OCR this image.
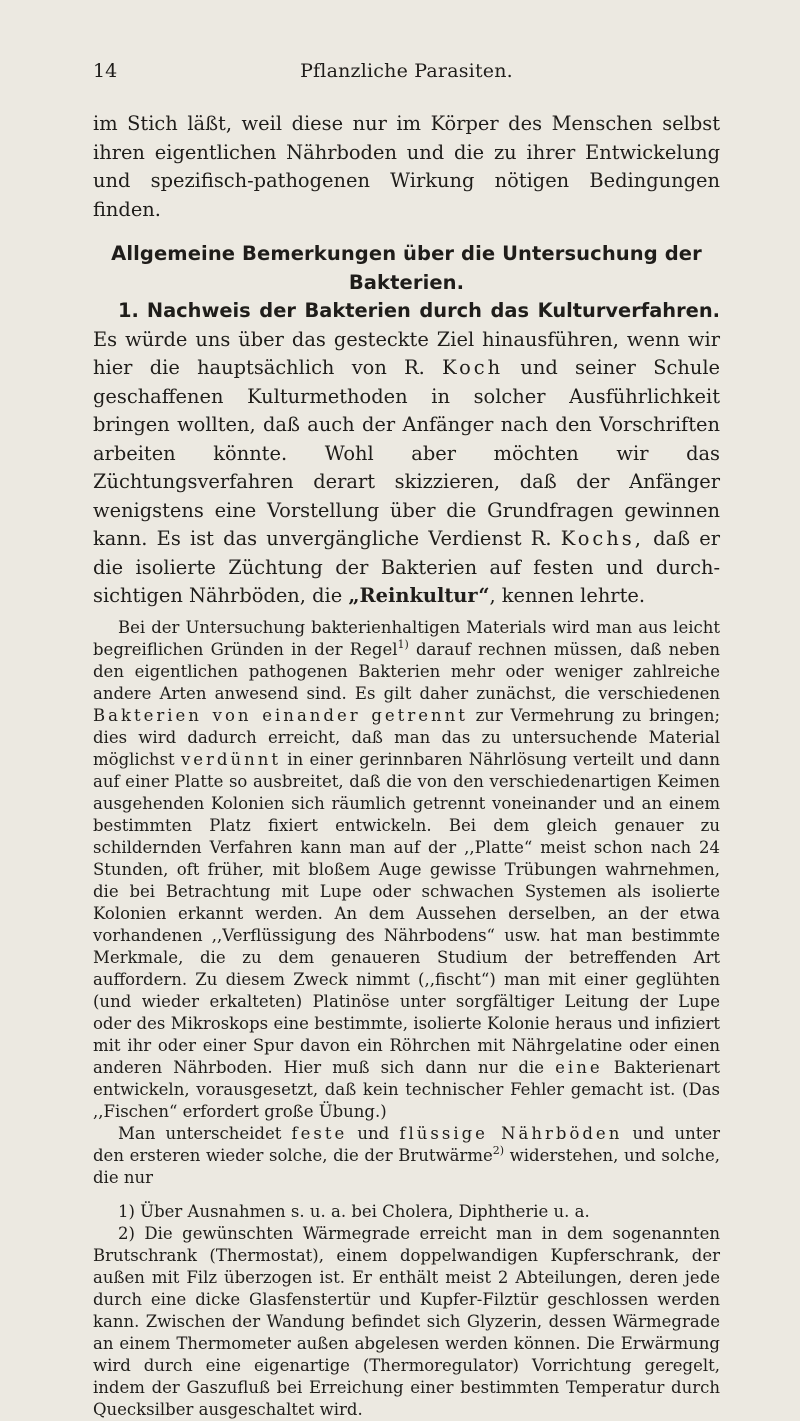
14	Pflanzliche Parasiten.

im Stich läßt, weil diese nur im Körper des Menschen selbst ihren eigentlichen Nährboden und die zu ihrer Entwickelung und spezifisch-pathogenen Wirkung nötigen Bedingungen finden.

Allgemeine Bemerkungen über die Untersuchung der Bakterien.

1. Nachweis der Bakterien durch das Kulturverfahren. Es würde uns über das gesteckte Ziel hinausführen, wenn wir hier die hauptsächlich von R. Koch und seiner Schule geschaffenen Kulturmethoden in solcher Ausführlichkeit bringen wollten, daß auch der Anfänger nach den Vorschriften arbeiten könnte. Wohl aber möchten wir das Züchtungsverfahren derart skizzieren, daß der Anfänger wenigstens eine Vorstellung über die Grundfragen gewinnen kann. Es ist das unvergängliche Verdienst R. Kochs, daß er die isolierte Züchtung der Bakterien auf festen und durchsichtigen Nährböden, die „Reinkultur“, kennen lehrte.

Bei der Untersuchung bakterienhaltigen Materials wird man aus leicht begreiflichen Gründen in der Regel$^{1)}$ darauf rechnen müssen, daß neben den eigentlichen pathogenen Bakterien mehr oder weniger zahlreiche andere Arten anwesend sind. Es gilt daher zunächst, die verschiedenen Bakterien von einander getrennt zur Vermehrung zu bringen; dies wird dadurch erreicht, daß man das zu untersuchende Material möglichst verdünnt in einer gerinnbaren Nährlösung verteilt und dann auf einer Platte so ausbreitet, daß die von den verschiedenartigen Keimen ausgehenden Kolonien sich räumlich getrennt voneinander und an einem bestimmten Platz fixiert entwickeln. Bei dem gleich genauer zu schildernden Verfahren kann man auf der ,,Platte“ meist schon nach 24 Stunden, oft früher, mit bloßem Auge gewisse Trübungen wahrnehmen, die bei Betrachtung mit Lupe oder schwachen Systemen als isolierte Kolonien erkannt werden. An dem Aussehen derselben, an der etwa vorhandenen ,,Verflüssigung des Nährbodens“ usw. hat man bestimmte Merkmale, die zu dem genaueren Studium der betreffenden Art auffordern. Zu diesem Zweck nimmt (,,fischt“) man mit einer geglühten (und wieder erkalteten) Platinöse unter sorgfältiger Leitung der Lupe oder des Mikroskops eine bestimmte, isolierte Kolonie heraus und infiziert mit ihr oder einer Spur davon ein Röhrchen mit Nährgelatine oder einen anderen Nährboden. Hier muß sich dann nur die eine Bakterienart entwickeln, vorausgesetzt, daß kein technischer Fehler gemacht ist. (Das ,,Fischen“ erfordert große Übung.)

Man unterscheidet feste und flüssige Nährböden und unter den ersteren wieder solche, die der Brutwärme$^{2)}$ widerstehen, und solche, die nur

1) Über Ausnahmen s. u. a. bei Cholera, Diphtherie u. a.

2) Die gewünschten Wärmegrade erreicht man in dem sogenannten Brutschrank (Thermostat), einem doppelwandigen Kupferschrank, der außen mit Filz überzogen ist. Er enthält meist 2 Abteilungen, deren jede durch eine dicke Glasfenstertür und Kupfer-Filztür geschlossen werden kann. Zwischen der Wandung befindet sich Glyzerin, dessen Wärmegrade an einem Thermometer außen abgelesen werden können. Die Erwärmung wird durch eine eigenartige (Thermoregulator) Vorrichtung geregelt, indem der Gaszufluß bei Erreichung einer bestimmten Temperatur durch Quecksilber ausgeschaltet wird.
